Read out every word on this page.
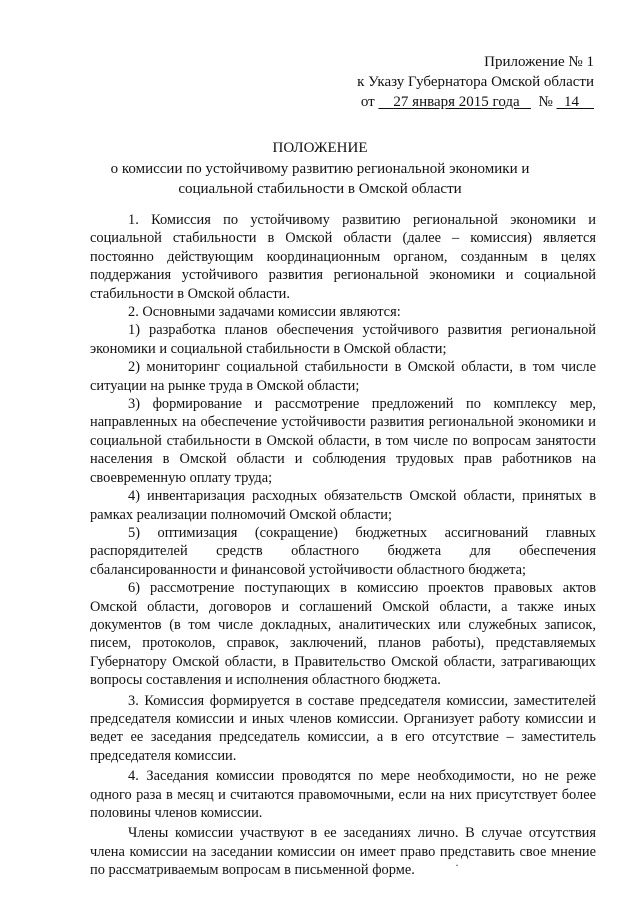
Приложение № 1
к Указу Губернатора Омской области
от 27 января 2015 года № 14
ПОЛОЖЕНИЕ
о комиссии по устойчивому развитию региональной экономики и
социальной стабильности в Омской области

1. Комиссия по устойчивому развитию региональной экономики и социальной стабильности в Омской области (далее – комиссия) является постоянно действующим координационным органом, созданным в целях поддержания устойчивого развития региональной экономики и социальной стабильности в Омской области.

2. Основными задачами комиссии являются:

1) разработка планов обеспечения устойчивого развития региональной экономики и социальной стабильности в Омской области;

2) мониторинг социальной стабильности в Омской области, в том числе ситуации на рынке труда в Омской области;

3) формирование и рассмотрение предложений по комплексу мер, направленных на обеспечение устойчивости развития региональной экономики и социальной стабильности в Омской области, в том числе по вопросам занятости населения в Омской области и соблюдения трудовых прав работников на своевременную оплату труда;

4) инвентаризация расходных обязательств Омской области, принятых в рамках реализации полномочий Омской области;

5) оптимизация (сокращение) бюджетных ассигнований главных распорядителей средств областного бюджета для обеспечения сбалансированности и финансовой устойчивости областного бюджета;

6) рассмотрение поступающих в комиссию проектов правовых актов Омской области, договоров и соглашений Омской области, а также иных документов (в том числе докладных, аналитических или служебных записок, писем, протоколов, справок, заключений, планов работы), представляемых Губернатору Омской области, в Правительство Омской области, затрагивающих вопросы составления и исполнения областного бюджета.

3. Комиссия формируется в составе председателя комиссии, заместителей председателя комиссии и иных членов комиссии. Организует работу комиссии и ведет ее заседания председатель комиссии, а в его отсутствие – заместитель председателя комиссии.

4. Заседания комиссии проводятся по мере необходимости, но не реже одного раза в месяц и считаются правомочными, если на них присутствует более половины членов комиссии.

Члены комиссии участвуют в ее заседаниях лично. В случае отсутствия члена комиссии на заседании комиссии он имеет право представить свое мнение по рассматриваемым вопросам в письменной форме.	·
